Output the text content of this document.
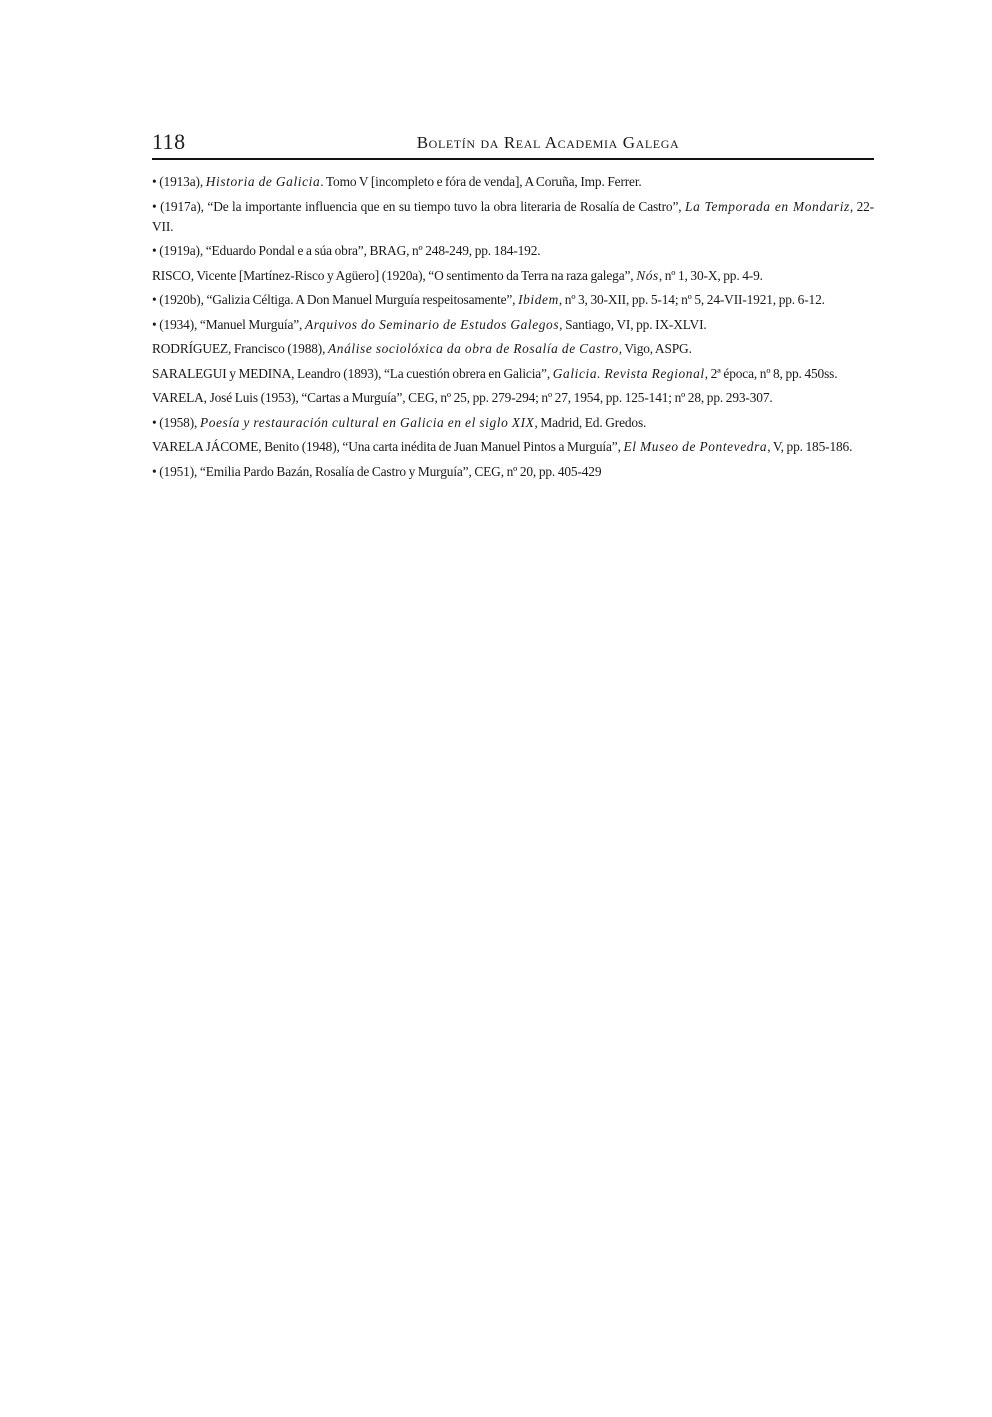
118	Boletín da Real Academia Galega

• (1913a), Historia de Galicia. Tomo V [incompleto e fóra de venda], A Coruña, Imp. Ferrer.

• (1917a), “De la importante influencia que en su tiempo tuvo la obra literaria de Rosalía de Castro”, La Temporada en Mondariz, 22-VII.

• (1919a), “Eduardo Pondal e a súa obra”, BRAG, nº 248-249, pp. 184-192.

RISCO, Vicente [Martínez-Risco y Agüero] (1920a), “O sentimento da Terra na raza galega”, Nós, nº 1, 30-X, pp. 4-9.

• (1920b), “Galizia Céltiga. A Don Manuel Murguía respeitosamente”, Ibidem, nº 3, 30-XII, pp. 5-14; nº 5, 24-VII-1921, pp. 6-12.

• (1934), “Manuel Murguía”, Arquivos do Seminario de Estudos Galegos, Santiago, VI, pp. IX-XLVI.

RODRÍGUEZ, Francisco (1988), Análise sociolóxica da obra de Rosalía de Castro, Vigo, ASPG.

SARALEGUI y MEDINA, Leandro (1893), “La cuestión obrera en Galicia”, Galicia. Revista Regional, 2ª época, nº 8, pp. 450ss.

VARELA, José Luis (1953), “Cartas a Murguía”, CEG, nº 25, pp. 279-294; nº 27, 1954, pp. 125-141; nº 28, pp. 293-307.

• (1958), Poesía y restauración cultural en Galicia en el siglo XIX, Madrid, Ed. Gredos.

VARELA JÁCOME, Benito (1948), “Una carta inédita de Juan Manuel Pintos a Murguía”, El Museo de Pontevedra, V, pp. 185-186.

• (1951), “Emilia Pardo Bazán, Rosalía de Castro y Murguía”, CEG, nº 20, pp. 405-429
